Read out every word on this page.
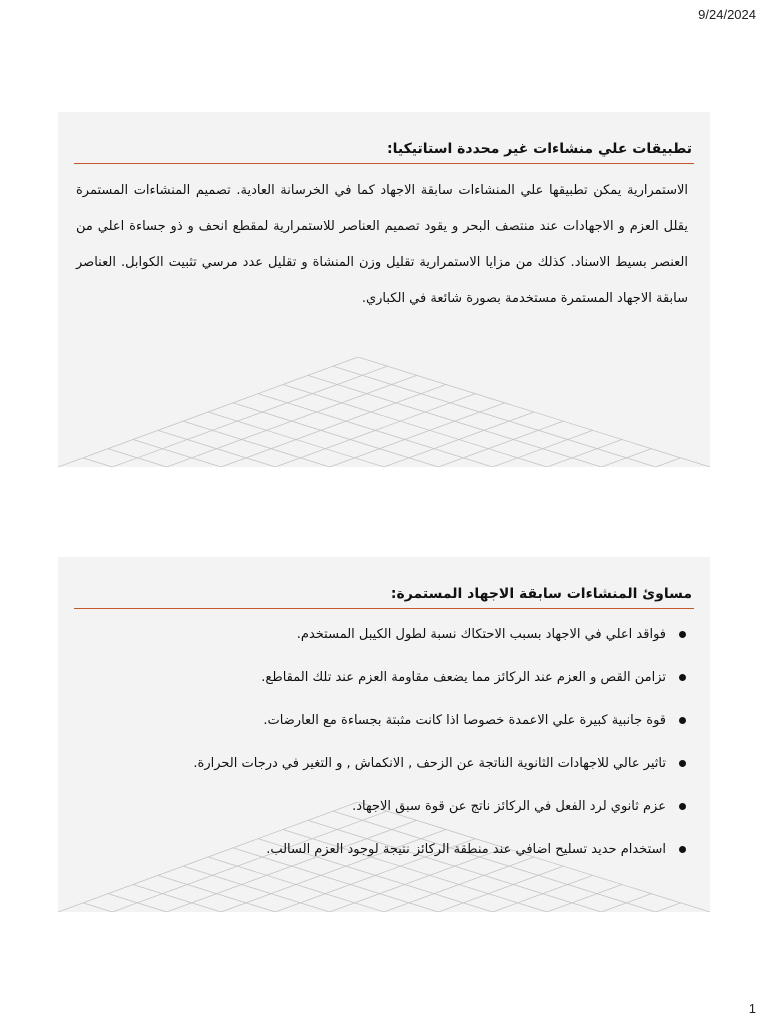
9/24/2024
تطبيقات علي منشاءات غير محددة استاتيكيا:

الاستمرارية يمكن تطبيقها علي المنشاءات سابقة الاجهاد كما في الخرسانة العادية. تصميم المنشاءات المستمرة يقلل العزم و الاجهادات عند منتصف البحر و يقود تصميم العناصر للاستمرارية لمقطع انحف و ذو جساءة اعلي من العنصر بسيط الاسناد. كذلك من مزايا الاستمرارية تقليل وزن المنشاة و تقليل عدد مرسي تثبيت الكوابل. العناصر سابقة الاجهاد المستمرة مستخدمة بصورة شائعة في الكباري.

مساوئ المنشاءات سابقة الاجهاد المستمرة:
فواقد اعلي في الاجهاد بسبب الاحتكاك نسبة لطول الكيبل المستخدم.
تزامن القص و العزم عند الركائز مما يضعف مقاومة العزم عند تلك المقاطع.
قوة جانبية كبيرة علي الاعمدة خصوصا اذا كانت مثبتة بجساءة مع العارضات.
تاثير عالي للاجهادات الثانوية الناتجة عن الزحف , الانكماش , و التغير في درجات الحرارة.
عزم ثانوي لرد الفعل في الركائز ناتج عن قوة سبق الاجهاد.
استخدام حديد تسليح اضافي عند منطقة الركائز نتيجة لوجود العزم السالب.
1
